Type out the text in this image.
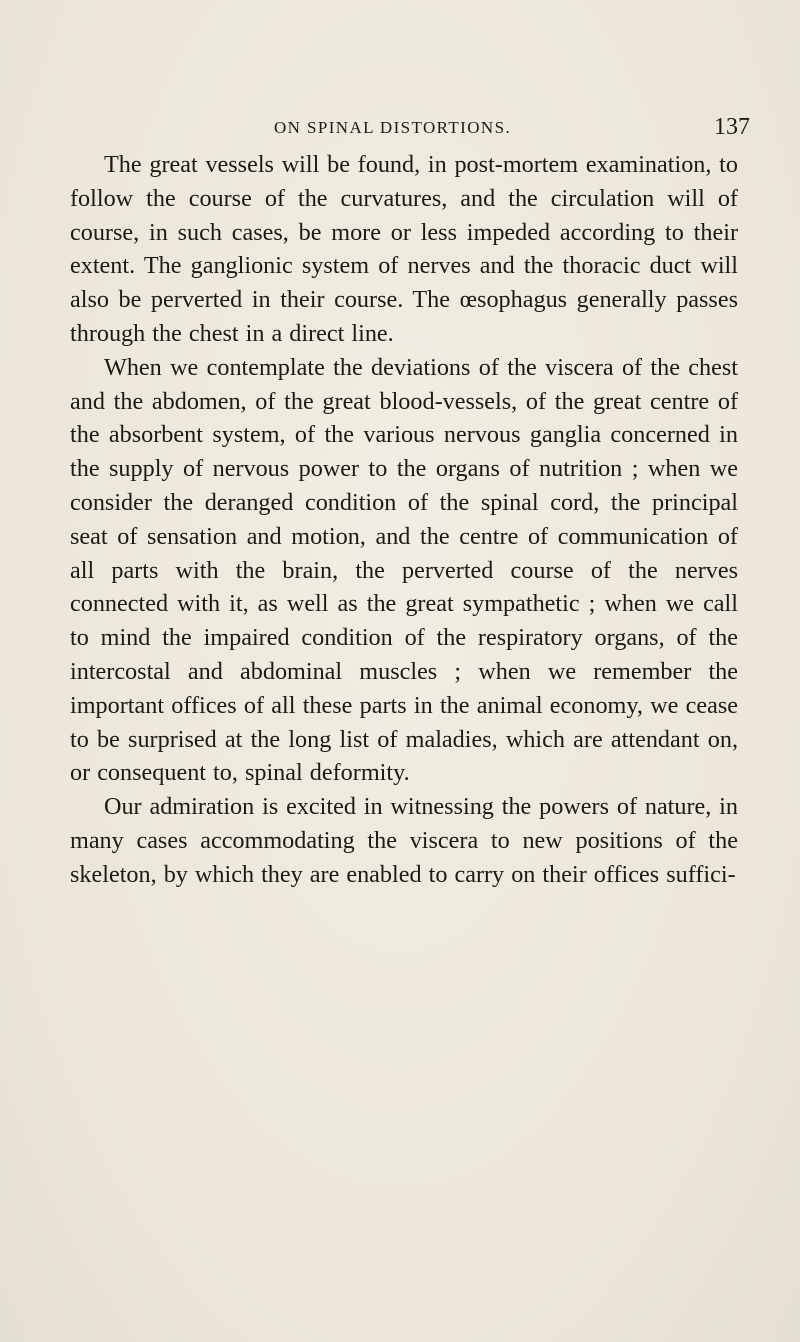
ON SPINAL DISTORTIONS.	137

The great vessels will be found, in post-mortem examination, to follow the course of the curvatures, and the circulation will of course, in such cases, be more or less impeded according to their extent. The ganglionic system of nerves and the thoracic duct will also be perverted in their course. The œsophagus generally passes through the chest in a direct line.

When we contemplate the deviations of the viscera of the chest and the abdomen, of the great blood-vessels, of the great centre of the absorbent system, of the various nervous ganglia concerned in the supply of nervous power to the organs of nutrition ; when we consider the deranged condition of the spinal cord, the principal seat of sensation and motion, and the centre of communication of all parts with the brain, the perverted course of the nerves connected with it, as well as the great sympathetic ; when we call to mind the impaired condition of the respiratory organs, of the intercostal and abdominal muscles ; when we remember the important offices of all these parts in the animal economy, we cease to be surprised at the long list of maladies, which are attendant on, or consequent to, spinal deformity.

Our admiration is excited in witnessing the powers of nature, in many cases accommodating the viscera to new positions of the skeleton, by which they are enabled to carry on their offices suffici-
